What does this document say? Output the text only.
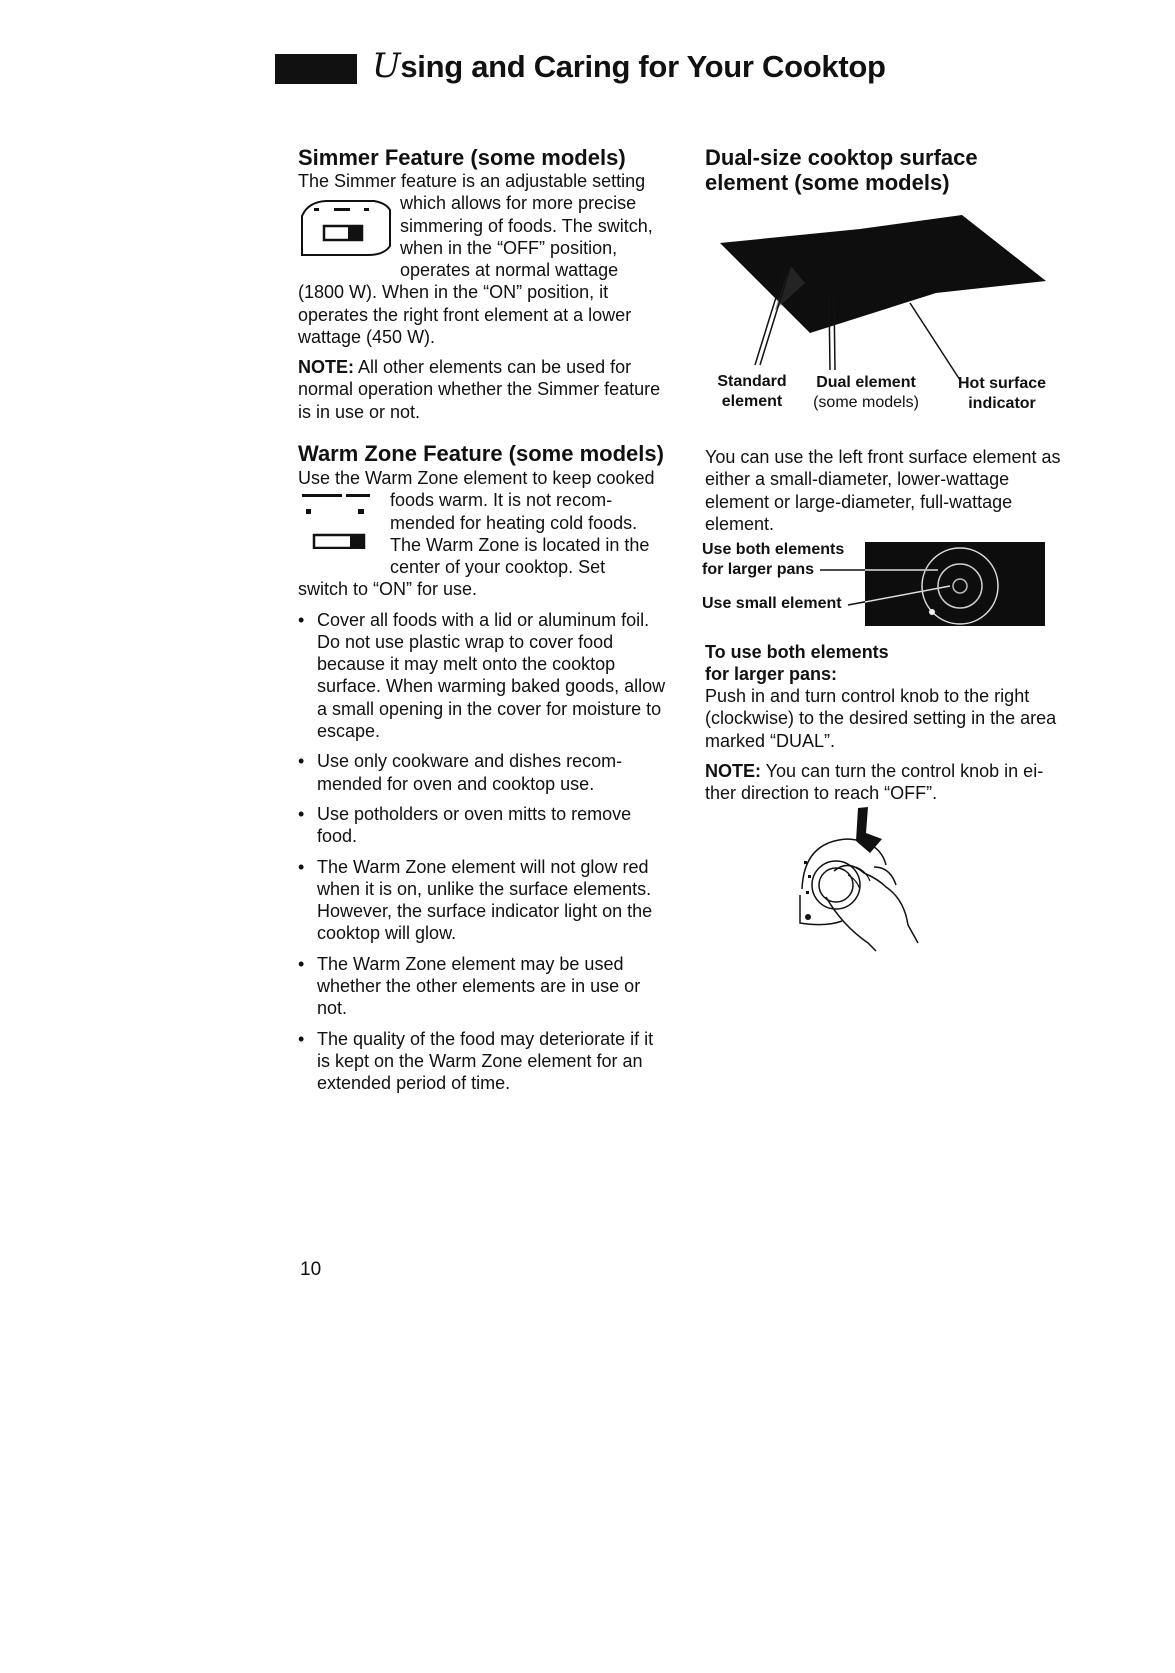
Using and Caring for Your Cooktop
Simmer Feature (some models)
The Simmer feature is an adjustable setting
which allows for more precise
simmering of foods. The switch,
when in the “OFF” position,
operates at normal wattage
(1800 W). When in the “ON” position, it operates the right front element at a lower wattage (450 W).
NOTE: All other elements can be used for normal operation whether the Simmer feature is in use or not.
Warm Zone Feature (some models)
Use the Warm Zone element to keep cooked
foods warm. It is not recom-
mended for heating cold foods.
The Warm Zone is located in the
center of your cooktop. Set
switch to “ON” for use.
• Cover all foods with a lid or aluminum foil. Do not use plastic wrap to cover food because it may melt onto the cooktop surface. When warming baked goods, allow a small opening in the cover for moisture to escape.
• Use only cookware and dishes recom-mended for oven and cooktop use.
• Use potholders or oven mitts to remove food.
• The Warm Zone element will not glow red when it is on, unlike the surface elements. However, the surface indicator light on the cooktop will glow.
• The Warm Zone element may be used whether the other elements are in use or not.
• The quality of the food may deteriorate if it is kept on the Warm Zone element for an extended period of time.
Dual-size cooktop surface element (some models)
Standard
element
Dual element
(some models)
Hot surface
indicator
You can use the left front surface element as either a small-diameter, lower-wattage element or large-diameter, full-wattage element.
Use both elements
for larger pans
Use small element
To use both elements
for larger pans:
Push in and turn control knob to the right (clockwise) to the desired setting in the area marked “DUAL”.
NOTE: You can turn the control knob in ei-ther direction to reach “OFF”.
10
